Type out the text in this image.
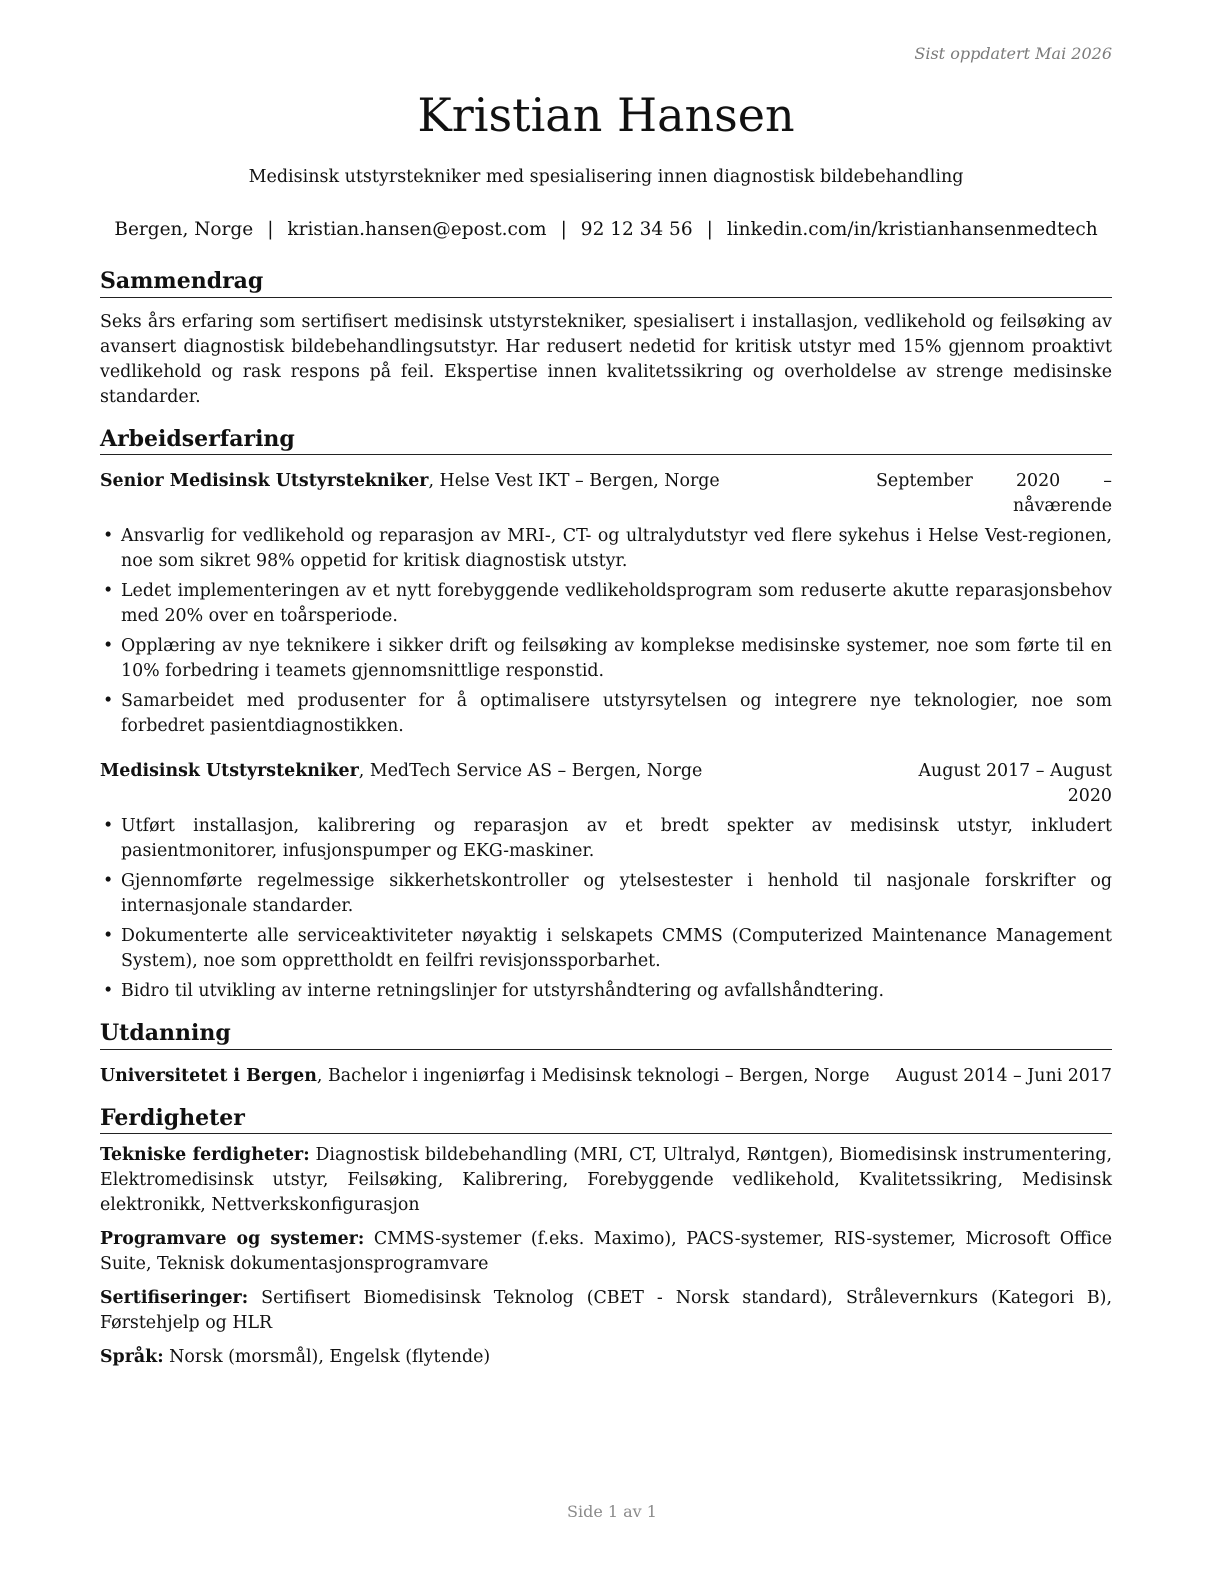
Sist oppdatert Mai 2026
Kristian Hansen
Medisinsk utstyrstekniker med spesialisering innen diagnostisk bildebehandling
Bergen, Norge | kristian.hansen@epost.com | 92 12 34 56 | linkedin.com/in/kristianhansenmedtech
Sammendrag

Seks års erfaring som sertifisert medisinsk utstyrstekniker, spesialisert i installasjon, vedlikehold og feilsøking av avansert diagnostisk bildebehandlingsutstyr. Har redusert nedetid for kritisk utstyr med 15% gjennom proaktivt vedlikehold og rask respons på feil. Ekspertise innen kvalitetssikring og overholdelse av strenge medisinske standarder.

Arbeidserfaring
Senior Medisinsk Utstyrstekniker, Helse Vest IKT – Bergen, Norge	September 2020 – nåværende
• Ansvarlig for vedlikehold og reparasjon av MRI-, CT- og ultralydutstyr ved flere sykehus i Helse Vest-regionen, noe som sikret 98% oppetid for kritisk diagnostisk utstyr.
• Ledet implementeringen av et nytt forebyggende vedlikeholdsprogram som reduserte akutte reparasjonsbehov med 20% over en toårsperiode.
• Opplæring av nye teknikere i sikker drift og feilsøking av komplekse medisinske systemer, noe som førte til en 10% forbedring i teamets gjennomsnittlige responstid.
• Samarbeidet med produsenter for å optimalisere utstyrsytelsen og integrere nye teknologier, noe som forbedret pasientdiagnostikken.
Medisinsk Utstyrstekniker, MedTech Service AS – Bergen, Norge	August 2017 – August 2020
• Utført installasjon, kalibrering og reparasjon av et bredt spekter av medisinsk utstyr, inkludert pasientmonitorer, infusjonspumper og EKG-maskiner.
• Gjennomførte regelmessige sikkerhetskontroller og ytelsestester i henhold til nasjonale forskrifter og internasjonale standarder.
• Dokumenterte alle serviceaktiviteter nøyaktig i selskapets CMMS (Computerized Maintenance Management System), noe som opprettholdt en feilfri revisjonssporbarhet.
• Bidro til utvikling av interne retningslinjer for utstyrshåndtering og avfallshåndtering.
Utdanning
Universitetet i Bergen, Bachelor i ingeniørfag i Medisinsk teknologi – Bergen, Norge	August 2014 – Juni 2017
Ferdigheter

Tekniske ferdigheter: Diagnostisk bildebehandling (MRI, CT, Ultralyd, Røntgen), Biomedisinsk instrumentering, Elektromedisinsk utstyr, Feilsøking, Kalibrering, Forebyggende vedlikehold, Kvalitetssikring, Medisinsk elektronikk, Nettverkskonfigurasjon

Programvare og systemer: CMMS-systemer (f.eks. Maximo), PACS-systemer, RIS-systemer, Microsoft Office Suite, Teknisk dokumentasjonsprogramvare

Sertifiseringer: Sertifisert Biomedisinsk Teknolog (CBET - Norsk standard), Strålevernkurs (Kategori B), Førstehjelp og HLR

Språk: Norsk (morsmål), Engelsk (flytende)

Side 1 av 1
